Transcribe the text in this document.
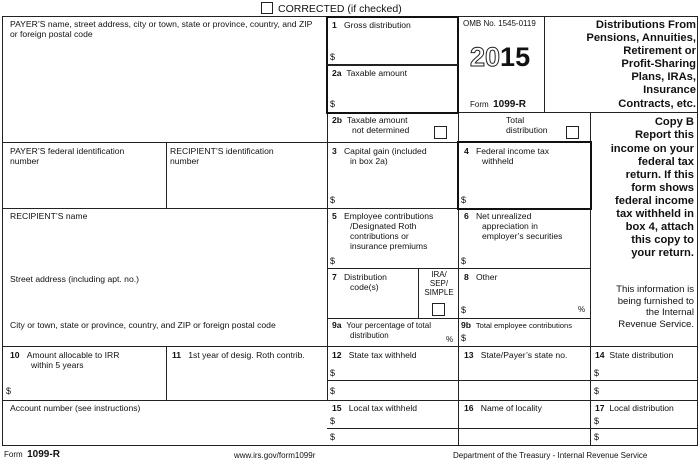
CORRECTED (if checked)
PAYER’S name, street address, city or town, state or province, country, and ZIP or foreign postal code
1 Gross distribution
$
2a Taxable amount
$
OMB No. 1545-0119
2015
Form 1099-R
Distributions From
Pensions, Annuities,
Retirement or
Profit-Sharing
Plans, IRAs,
Insurance
Contracts, etc.
2b Taxable amount
not determined
Total
distribution
Copy B
Report this
income on your
federal tax
return. If this
form shows
federal income
tax withheld in
box 4, attach
this copy to
your return.
This information is
being furnished to
the Internal
Revenue Service.
PAYER’S federal identification
number
RECIPIENT’S identification
number
3 Capital gain (included
in box 2a)
$
4 Federal income tax
withheld
$
RECIPIENT’S name	5 Employee contributions
/Designated Roth
contributions or
insurance premiums
$
6 Net unrealized
appreciation in
employer’s securities
$
Street address (including apt. no.)	7 Distribution
code(s)
IRA/
SEP/
SIMPLE
8 Other
$	%
City or town, state or province, country, and ZIP or foreign postal code	9a Your percentage of total
distribution	%
9b Total employee contributions
$
10 Amount allocable to IRR
within 5 years
$
11 1st year of desig. Roth contrib.	12 State tax withheld
$
$
13 State/Payer’s state no.	14 State distribution
$
$
Account number (see instructions)	15 Local tax withheld
$
$
16 Name of locality	17 Local distribution
$
$
Form 1099-R	www.irs.gov/form1099r	Department of the Treasury - Internal Revenue Service
